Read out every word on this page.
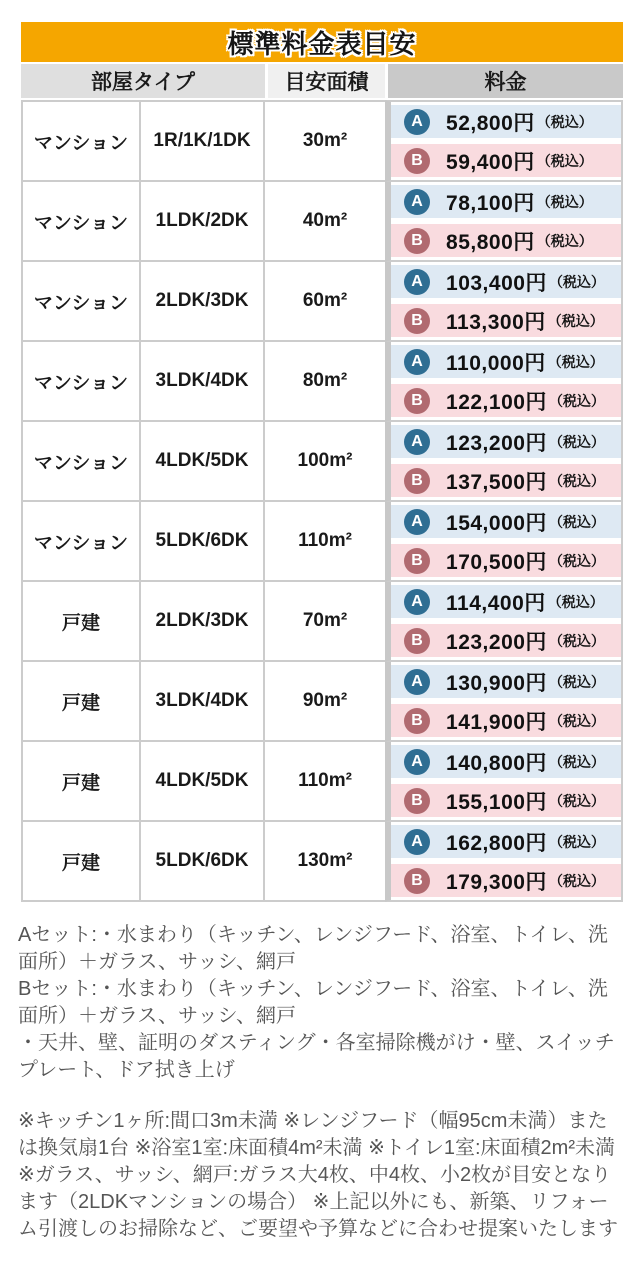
標準料金表目安
部屋タイプ		目安面積	料金
マンション	1R/1K/1DK	30m²	
A	52,800円 （税込）
B	59,400円 （税込）

マンション	1LDK/2DK	40m²	
A	78,100円 （税込）
B	85,800円 （税込）

マンション	2LDK/3DK	60m²	
A	103,400円 （税込）
B	113,300円 （税込）

マンション	3LDK/4DK	80m²	
A	110,000円 （税込）
B	122,100円 （税込）

マンション	4LDK/5DK	100m²	
A	123,200円 （税込）
B	137,500円 （税込）

マンション	5LDK/6DK	110m²	
A	154,000円 （税込）
B	170,500円 （税込）

戸建	2LDK/3DK	70m²	
A	114,400円 （税込）
B	123,200円 （税込）

戸建	3LDK/4DK	90m²	
A	130,900円 （税込）
B	141,900円 （税込）

戸建	4LDK/5DK	110m²	
A	140,800円 （税込）
B	155,100円 （税込）

戸建	5LDK/6DK	130m²	
A	162,800円 （税込）
B	179,300円 （税込）
Aセット:・水まわり（キッチン、レンジフード、浴室、トイレ、洗面所）＋ガラス、サッシ、網戸
Bセット:・水まわり（キッチン、レンジフード、浴室、トイレ、洗面所）＋ガラス、サッシ、網戸
・天井、壁、証明のダスティング・各室掃除機がけ・壁、スイッチプレート、ドア拭き上げ
※キッチン1ヶ所:間口3m未満 ※レンジフード（幅95cm未満）または換気扇1台 ※浴室1室:床面積4m²未満 ※トイレ1室:床面積2m²未満 ※ガラス、サッシ、網戸:ガラス大4枚、中4枚、小2枚が目安となります（2LDKマンションの場合） ※上記以外にも、新築、リフォーム引渡しのお掃除など、ご要望や予算などに合わせ提案いたします
